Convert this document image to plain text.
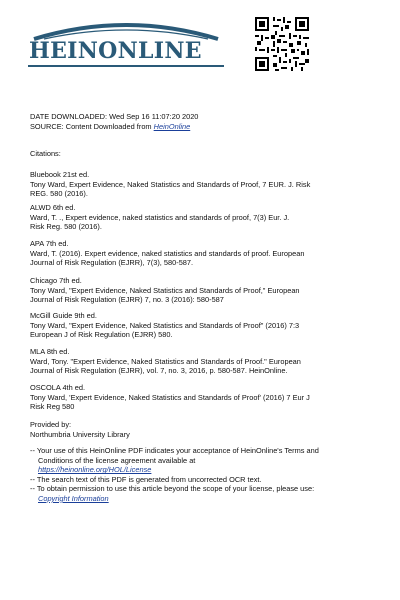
HEINONLINE
DATE DOWNLOADED: Wed Sep 16 11:07:20 2020
SOURCE: Content Downloaded from HeinOnline
Citations:
Bluebook 21st ed.
Tony Ward, Expert Evidence, Naked Statistics and Standards of Proof, 7 EUR. J. Risk
REG. 580 (2016).
ALWD 6th ed.
Ward, T. ., Expert evidence, naked statistics and standards of proof, 7(3) Eur. J.
Risk Reg. 580 (2016).
APA 7th ed.
Ward, T. (2016). Expert evidence, naked statistics and standards of proof. European
Journal of Risk Regulation (EJRR), 7(3), 580-587.
Chicago 7th ed.
Tony Ward, "Expert Evidence, Naked Statistics and Standards of Proof," European
Journal of Risk Regulation (EJRR) 7, no. 3 (2016): 580-587
McGill Guide 9th ed.
Tony Ward, "Expert Evidence, Naked Statistics and Standards of Proof" (2016) 7:3
European J of Risk Regulation (EJRR) 580.
MLA 8th ed.
Ward, Tony. "Expert Evidence, Naked Statistics and Standards of Proof." European
Journal of Risk Regulation (EJRR), vol. 7, no. 3, 2016, p. 580-587. HeinOnline.
OSCOLA 4th ed.
Tony Ward, 'Expert Evidence, Naked Statistics and Standards of Proof' (2016) 7 Eur J
Risk Reg 580
Provided by:
Northumbria University Library
-- Your use of this HeinOnline PDF indicates your acceptance of HeinOnline's Terms and
Conditions of the license agreement available at
https://heinonline.org/HOL/License
-- The search text of this PDF is generated from uncorrected OCR text.
-- To obtain permission to use this article beyond the scope of your license, please use:
Copyright Information
